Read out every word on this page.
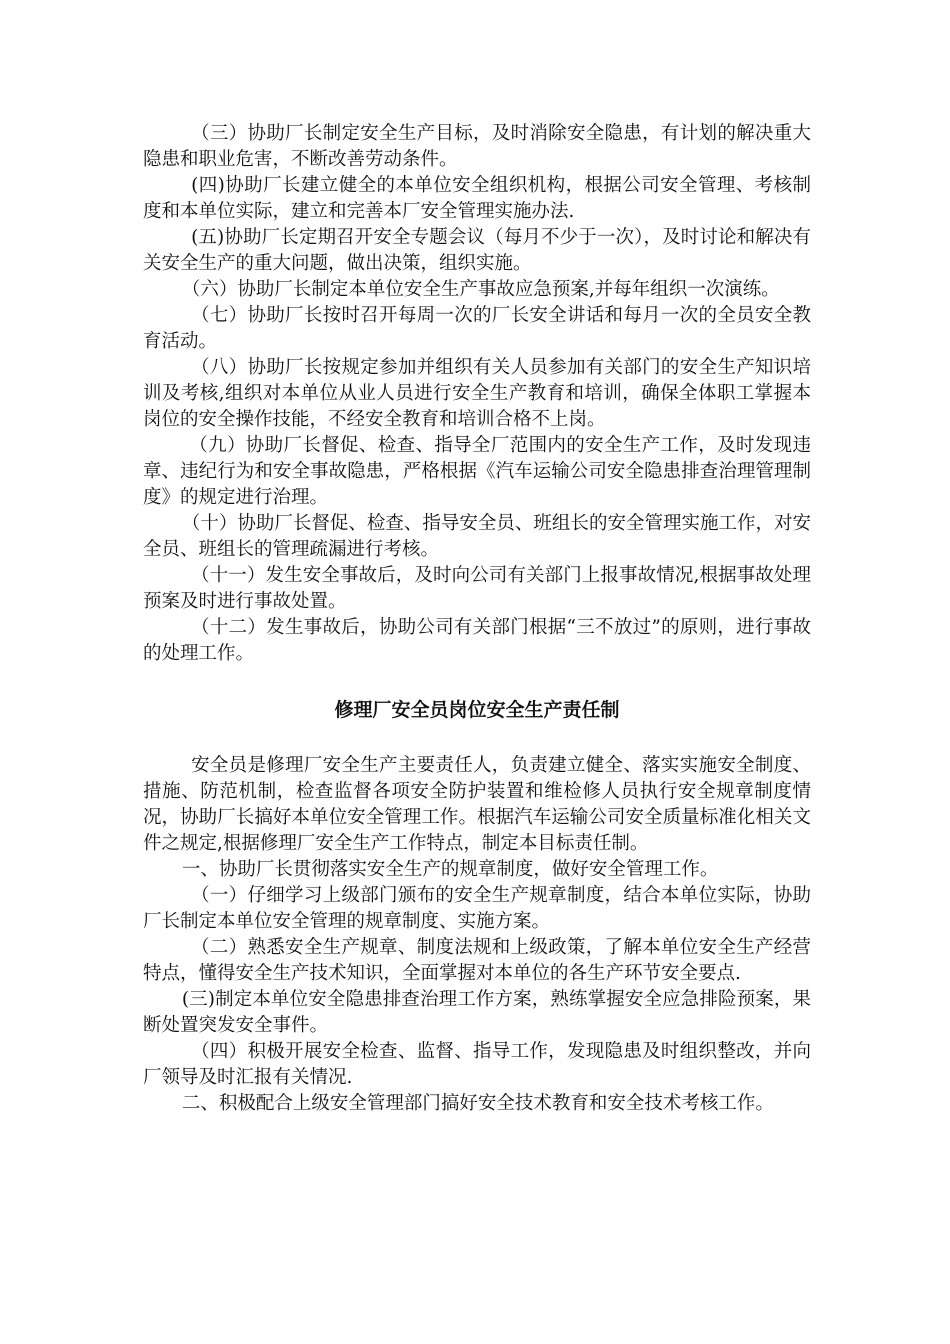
（三）协助厂长制定安全生产目标，及时消除安全隐患，有计划的解决重大隐患和职业危害，不断改善劳动条件。

(四)协助厂长建立健全的本单位安全组织机构，根据公司安全管理、考核制度和本单位实际，建立和完善本厂安全管理实施办法.

(五)协助厂长定期召开安全专题会议（每月不少于一次），及时讨论和解决有关安全生产的重大问题，做出决策，组织实施。

（六）协助厂长制定本单位安全生产事故应急预案,并每年组织一次演练。

（七）协助厂长按时召开每周一次的厂长安全讲话和每月一次的全员安全教育活动。

（八）协助厂长按规定参加并组织有关人员参加有关部门的安全生产知识培训及考核,组织对本单位从业人员进行安全生产教育和培训，确保全体职工掌握本岗位的安全操作技能，不经安全教育和培训合格不上岗。

（九）协助厂长督促、检查、指导全厂范围内的安全生产工作，及时发现违章、违纪行为和安全事故隐患，严格根据《汽车运输公司安全隐患排查治理管理制度》的规定进行治理。

（十）协助厂长督促、检查、指导安全员、班组长的安全管理实施工作，对安全员、班组长的管理疏漏进行考核。

（十一）发生安全事故后，及时向公司有关部门上报事故情况,根据事故处理预案及时进行事故处置。

（十二）发生事故后，协助公司有关部门根据“三不放过”的原则，进行事故的处理工作。

修理厂安全员岗位安全生产责任制

安全员是修理厂安全生产主要责任人，负责建立健全、落实实施安全制度、措施、防范机制，检查监督各项安全防护装置和维检修人员执行安全规章制度情况，协助厂长搞好本单位安全管理工作。根据汽车运输公司安全质量标准化相关文件之规定,根据修理厂安全生产工作特点，制定本目标责任制。

一、协助厂长贯彻落实安全生产的规章制度，做好安全管理工作。

（一）仔细学习上级部门颁布的安全生产规章制度，结合本单位实际，协助厂长制定本单位安全管理的规章制度、实施方案。

（二）熟悉安全生产规章、制度法规和上级政策，了解本单位安全生产经营特点，懂得安全生产技术知识，全面掌握对本单位的各生产环节安全要点.

(三)制定本单位安全隐患排查治理工作方案，熟练掌握安全应急排险预案，果断处置突发安全事件。

（四）积极开展安全检查、监督、指导工作，发现隐患及时组织整改，并向厂领导及时汇报有关情况.

二、积极配合上级安全管理部门搞好安全技术教育和安全技术考核工作。
